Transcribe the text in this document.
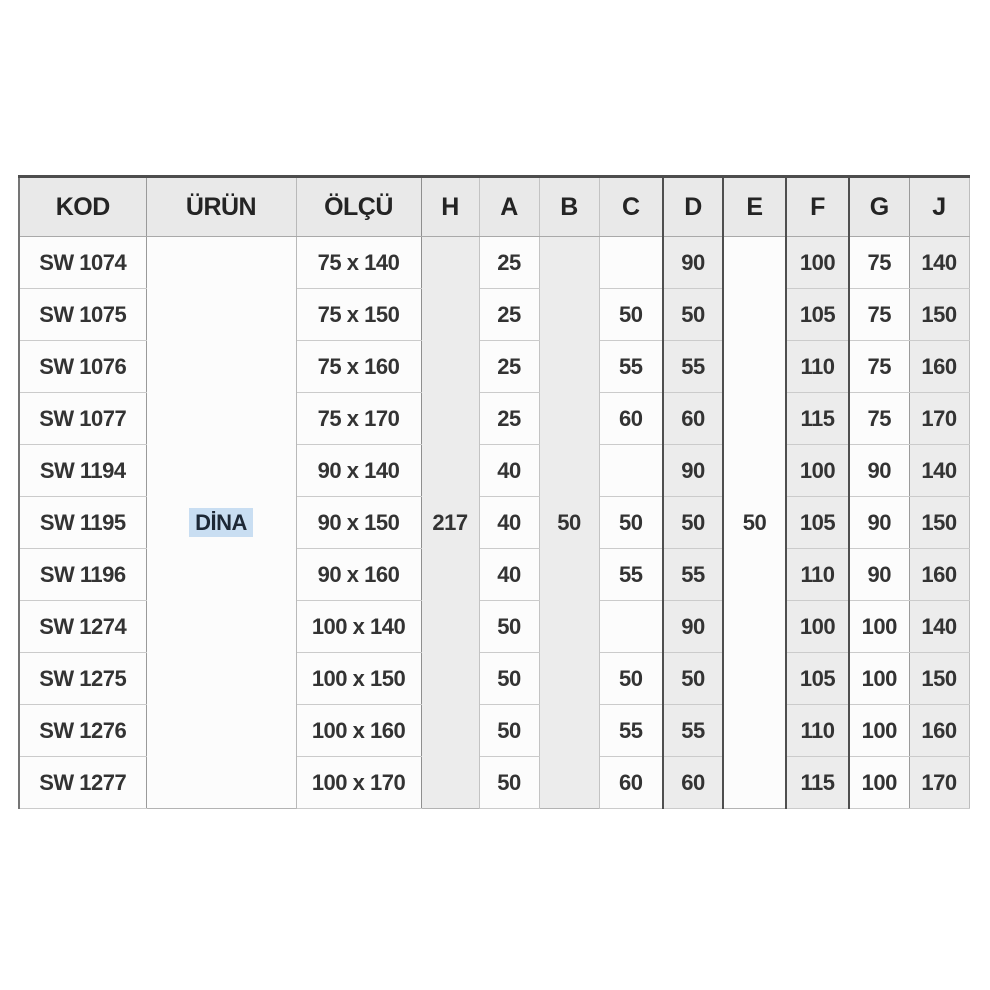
KOD	ÜRÜN	ÖLÇÜ	H	A	B	C	D	E	F	G	J
SW 1074	DİNA	75 x 140	217	25	50		90	50	100	75	140
SW 1075		75 x 150		25		50	50		105	75	150
SW 1076		75 x 160		25		55	55		110	75	160
SW 1077		75 x 170		25		60	60		115	75	170
SW 1194		90 x 140		40			90		100	90	140
SW 1195		90 x 150		40		50	50		105	90	150
SW 1196		90 x 160		40		55	55		110	90	160
SW 1274		100 x 140		50			90		100	100	140
SW 1275		100 x 150		50		50	50		105	100	150
SW 1276		100 x 160		50		55	55		110	100	160
SW 1277		100 x 170		50		60	60		115	100	170
